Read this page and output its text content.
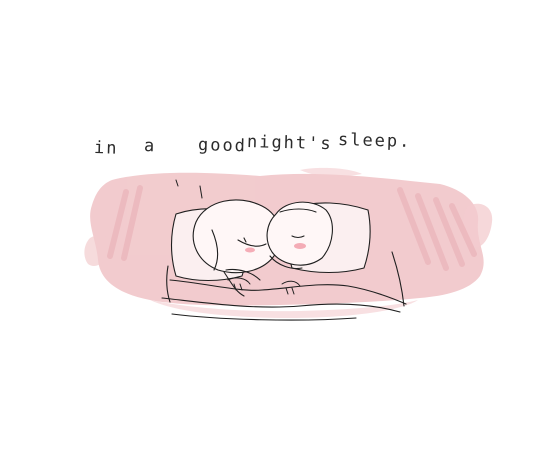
in a good night's sleep.
